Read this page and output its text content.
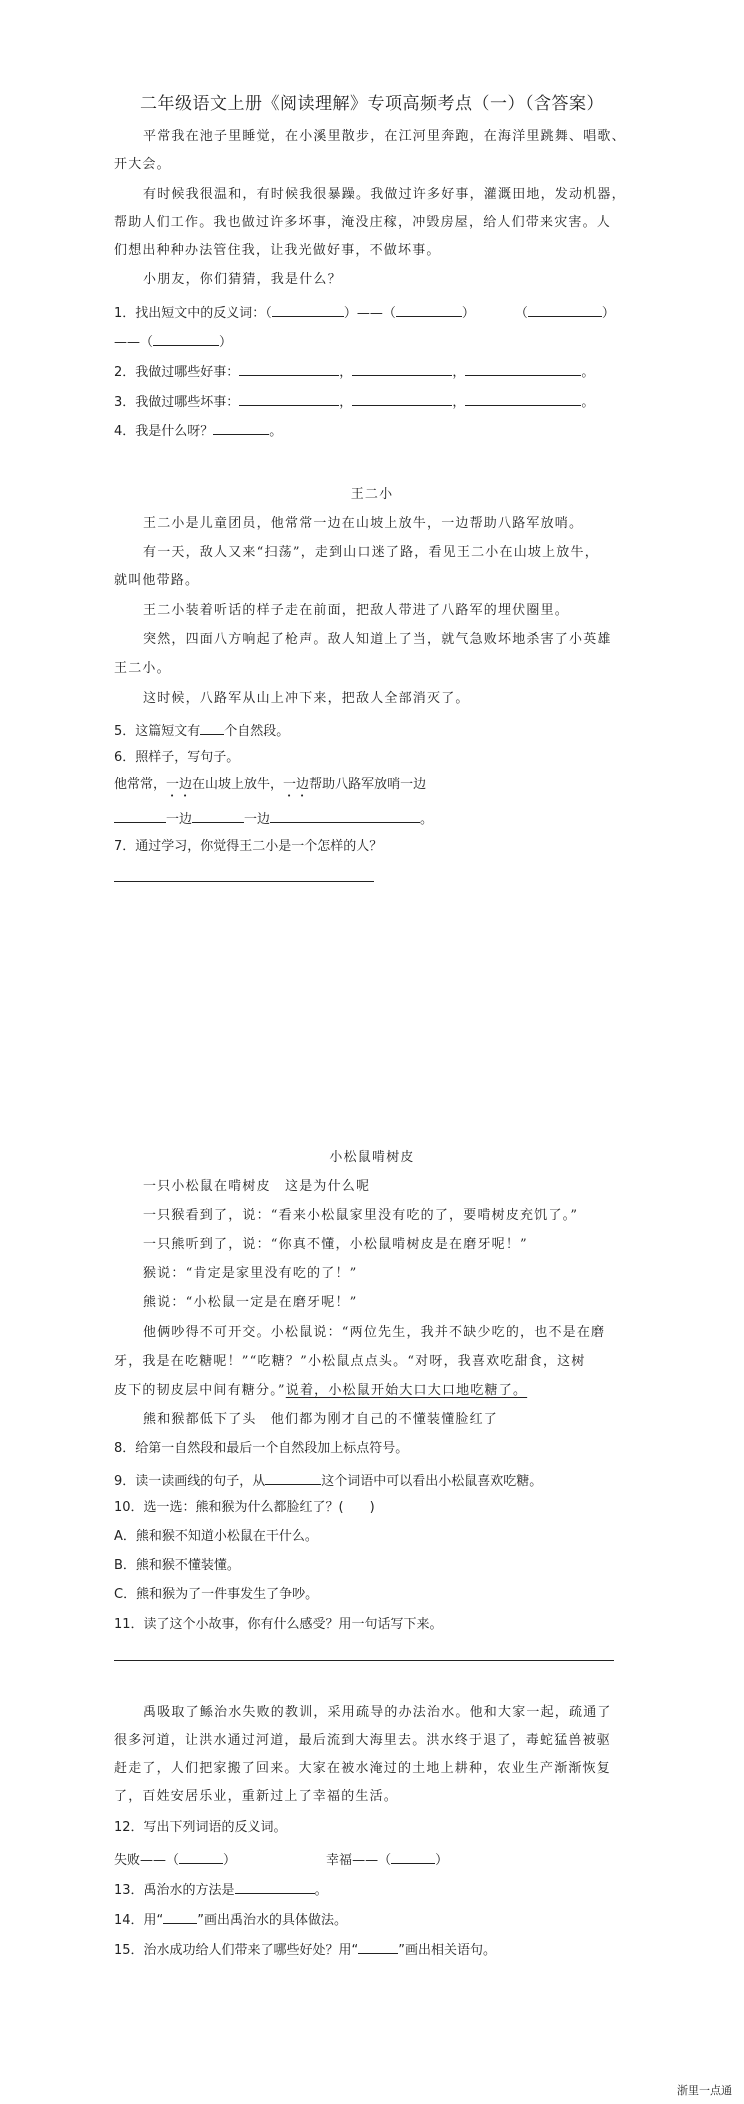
二年级语文上册《阅读理解》专项高频考点（一）（含答案）
平常我在池子里睡觉，在小溪里散步，在江河里奔跑，在海洋里跳舞、唱歌、
开大会。
有时候我很温和，有时候我很暴躁。我做过许多好事，灌溉田地，发动机器，
帮助人们工作。我也做过许多坏事，淹没庄稼，冲毁房屋，给人们带来灾害。人
们想出种种办法管住我，让我光做好事，不做坏事。
小朋友，你们猜猜，我是什么？
1．找出短文中的反义词：（	）——（	）	（	）
——（	）
2．我做过哪些好事：	，	，	。
3．我做过哪些坏事：	，	，	。
4．我是什么呀？	。
王二小
王二小是儿童团员，他常常一边在山坡上放牛，一边帮助八路军放哨。
有一天，敌人又来“扫荡”，走到山口迷了路，看见王二小在山坡上放牛，
就叫他带路。
王二小装着听话的样子走在前面，把敌人带进了八路军的埋伏圈里。
突然，四面八方响起了枪声。敌人知道上了当，就气急败坏地杀害了小英雄
王二小。
这时候，八路军从山上冲下来，把敌人全部消灭了。
5．这篇短文有 个自然段。
6．照样子，写句子。
他常常，一边在山坡上放牛，一边帮助八路军放哨一边
一边	一边	。
7．通过学习，你觉得王二小是一个怎样的人？
小松鼠啃树皮
一只小松鼠在啃树皮　这是为什么呢
一只猴看到了，说：“看来小松鼠家里没有吃的了，要啃树皮充饥了。”
一只熊听到了，说：“你真不懂，小松鼠啃树皮是在磨牙呢！”
猴说：“肯定是家里没有吃的了！”
熊说：“小松鼠一定是在磨牙呢！”
他俩吵得不可开交。小松鼠说：“两位先生，我并不缺少吃的，也不是在磨
牙，我是在吃糖呢！”“吃糖？”小松鼠点点头。“对呀，我喜欢吃甜食，这树
皮下的韧皮层中间有糖分。”说着，小松鼠开始大口大口地吃糖了。
熊和猴都低下了头　他们都为刚才自己的不懂装懂脸红了
8．给第一自然段和最后一个自然段加上标点符号。
9．读一读画线的句子，从	这个词语中可以看出小松鼠喜欢吃糖。
10．选一选：熊和猴为什么都脸红了？(　　)
A．熊和猴不知道小松鼠在干什么。
B．熊和猴不懂装懂。
C．熊和猴为了一件事发生了争吵。
11．读了这个小故事，你有什么感受？用一句话写下来。
禹吸取了鲧治水失败的教训，采用疏导的办法治水。他和大家一起，疏通了
很多河道，让洪水通过河道，最后流到大海里去。洪水终于退了，毒蛇猛兽被驱
赶走了，人们把家搬了回来。大家在被水淹过的土地上耕种，农业生产渐渐恢复
了，百姓安居乐业，重新过上了幸福的生活。
12．写出下列词语的反义词。
失败——（	）	幸福——（	）
13．禹治水的方法是	。
14．用“	”画出禹治水的具体做法。
15．治水成功给人们带来了哪些好处？用“	”画出相关语句。
浙里一点通
